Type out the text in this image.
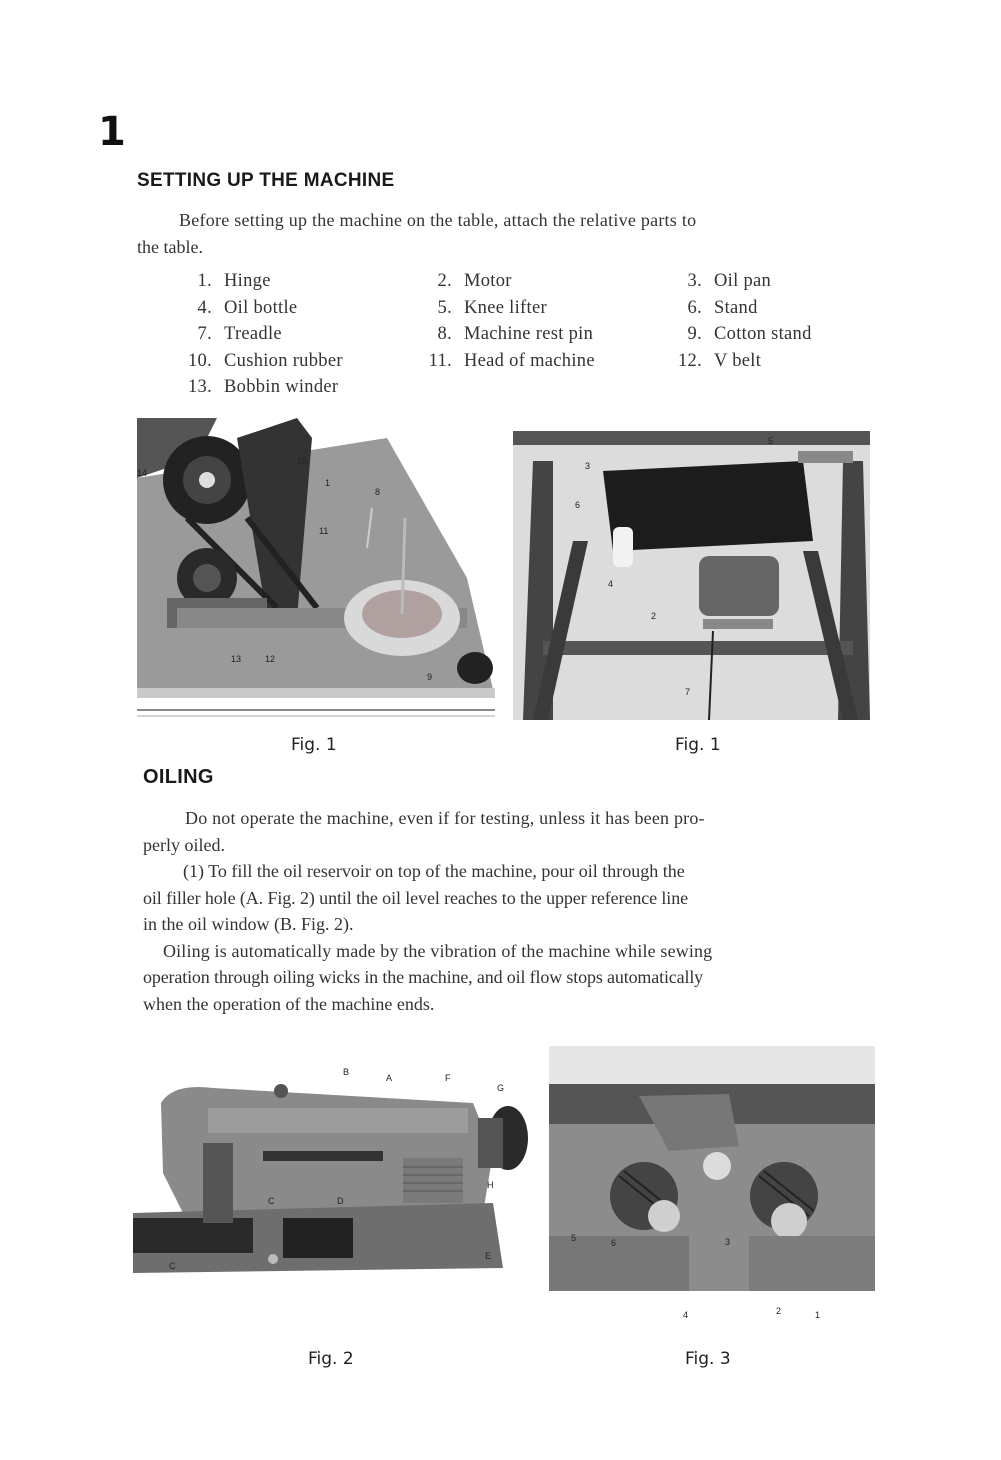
1
SETTING UP THE MACHINE

Before setting up the machine on the table, attach the relative parts to

the table.

1. Hinge	2. Motor	3. Oil pan
4. Oil bottle	5. Knee lifter	6. Stand
7. Treadle	8. Machine rest pin	9. Cotton stand
10. Cushion rubber	11. Head of machine	12. V belt
13. Bobbin winder
14
10
1
8
11
13	12
9
5
3
6
4
2
7
Fig. 1	Fig. 1
OILING

Do not operate the machine, even if for testing, unless it has been pro-

perly oiled.

(1) To fill the oil reservoir on top of the machine, pour oil through the

oil filler hole (A. Fig. 2) until the oil level reaches to the upper reference line

in the oil window (B. Fig. 2).

Oiling is automatically made by the vibration of the machine while sewing

operation through oiling wicks in the machine, and oil flow stops automatically

when the operation of the machine ends.

B
A	F
G
H
E
C	D
C
5	6	3
4	2	1
Fig. 2	Fig. 3
